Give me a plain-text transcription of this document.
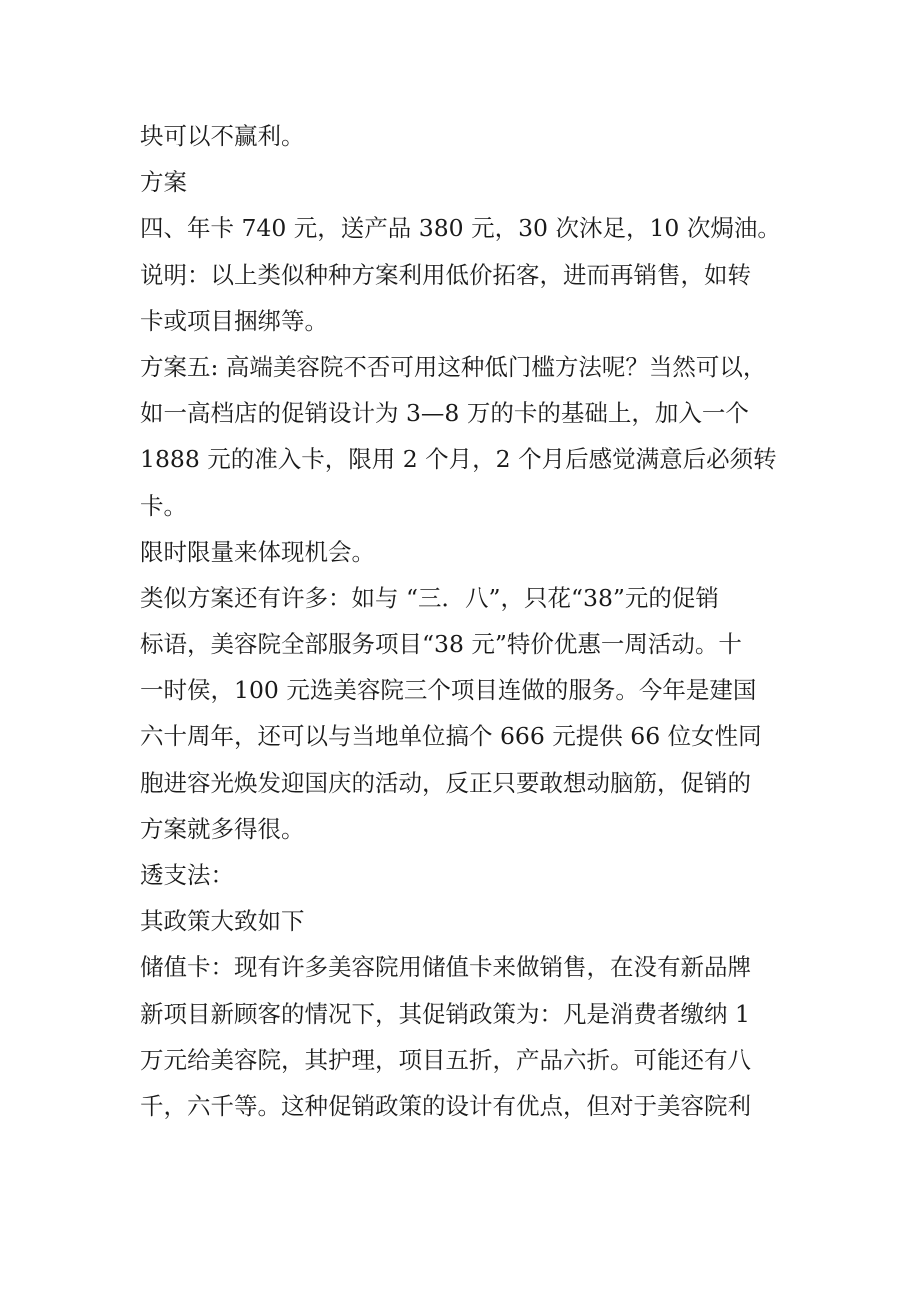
块可以不赢利。
方案
四、年卡 740 元，送产品 380 元，30 次沐足，10 次焗油。
说明：以上类似种种方案利用低价拓客，进而再销售，如转
卡或项目捆绑等。
方案五: 高端美容院不否可用这种低门槛方法呢？当然可以，
如一高档店的促销设计为 3—8 万的卡的基础上，加入一个
1888 元的准入卡，限用 2 个月，2 个月后感觉满意后必须转
卡。
限时限量来体现机会。
类似方案还有许多：如与 “三．八”，只花“38”元的促销
标语，美容院全部服务项目“38 元”特价优惠一周活动。十
一时侯，100 元选美容院三个项目连做的服务。今年是建国
六十周年，还可以与当地单位搞个 666 元提供 66 位女性同
胞进容光焕发迎国庆的活动，反正只要敢想动脑筋，促销的
方案就多得很。
透支法：
其政策大致如下
储值卡：现有许多美容院用储值卡来做销售，在没有新品牌
新项目新顾客的情况下，其促销政策为：凡是消费者缴纳 1
万元给美容院，其护理，项目五折，产品六折。可能还有八
千，六千等。这种促销政策的设计有优点，但对于美容院利
